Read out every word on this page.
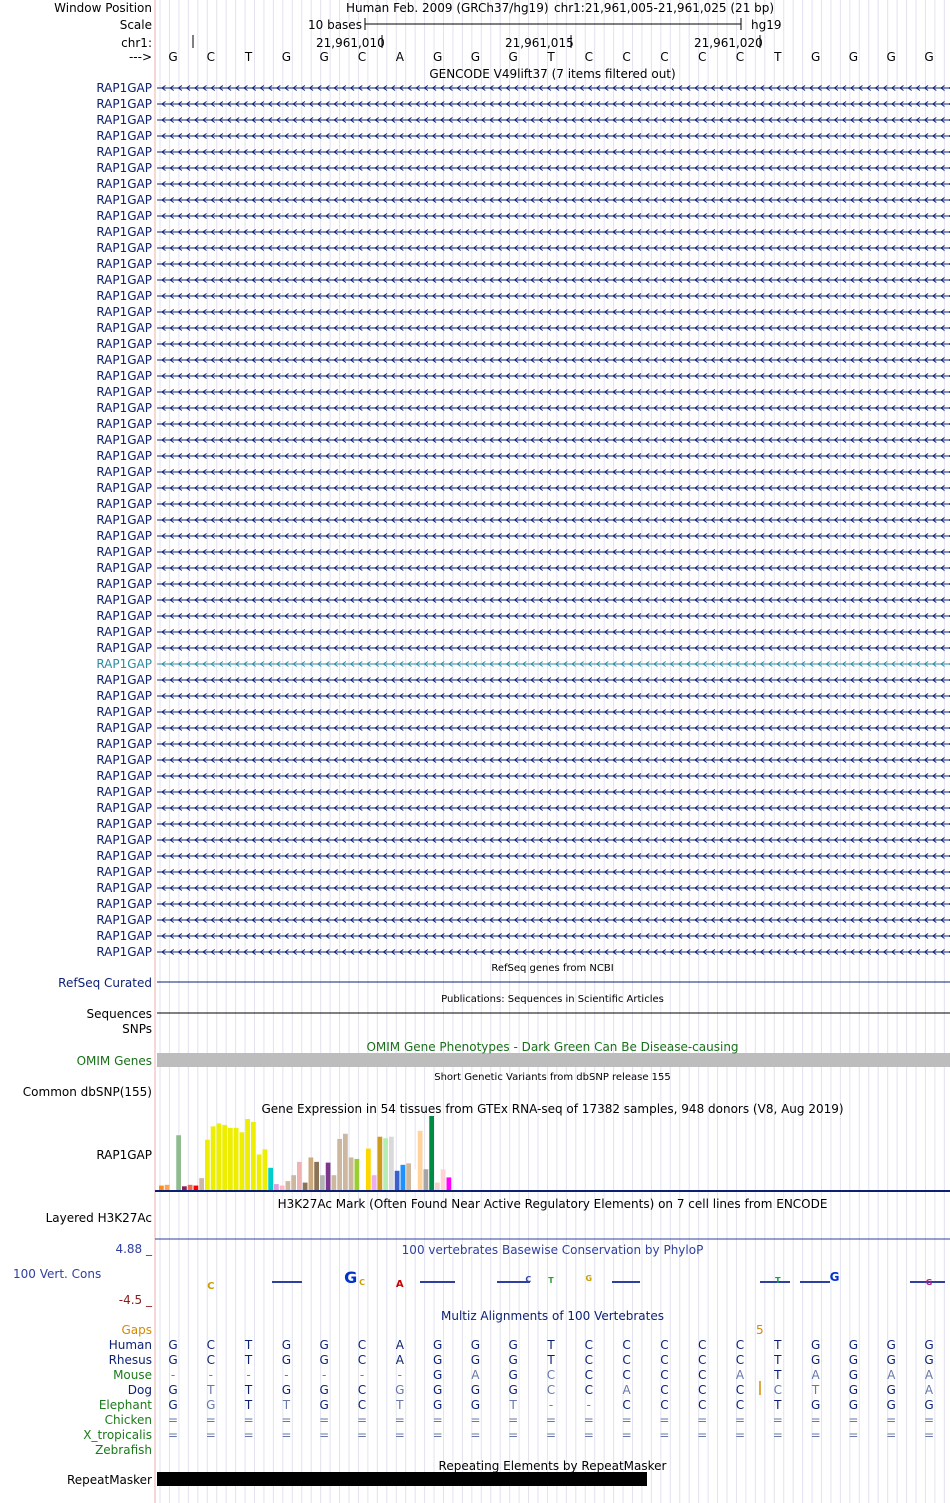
C	G C	A	C T	G	T	G	G
Window Position	Human Feb. 2009 (GRCh37/hg19) chr1:21,961,005-21,961,025 (21 bp)
Scale	10 bases	hg19
chr1:	21,961,010	21,961,015	21,961,020
--->
GENCODE V49lift37 (7 items filtered out)
RefSeq genes from NCBI
RefSeq Curated
Publications: Sequences in Scientific Articles
Sequences
SNPs
OMIM Gene Phenotypes - Dark Green Can Be Disease-causing
OMIM Genes
Short Genetic Variants from dbSNP release 155
Common dbSNP(155)
Gene Expression in 54 tissues from GTEx RNA-seq of 17382 samples, 948 donors (V8, Aug 2019)
RAP1GAP
H3K27Ac Mark (Often Found Near Active Regulatory Elements) on 7 cell lines from ENCODE
Layered H3K27Ac
100 vertebrates Basewise Conservation by PhyloP
4.88 _
100 Vert. Cons
-4.5 _
Multiz Alignments of 100 Vertebrates
Gaps	5
Repeating Elements by RepeatMasker
RepeatMasker
G	C	T	G	G	C	A	G	G	G	T	C	C	C	C	C	T	G	G	G	G
RAP1GAP
RAP1GAP
RAP1GAP
RAP1GAP
RAP1GAP
RAP1GAP
RAP1GAP
RAP1GAP
RAP1GAP
RAP1GAP
RAP1GAP
RAP1GAP
RAP1GAP
RAP1GAP
RAP1GAP
RAP1GAP
RAP1GAP
RAP1GAP
RAP1GAP
RAP1GAP
RAP1GAP
RAP1GAP
RAP1GAP
RAP1GAP
RAP1GAP
RAP1GAP
RAP1GAP
RAP1GAP
RAP1GAP
RAP1GAP
RAP1GAP
RAP1GAP
RAP1GAP
RAP1GAP
RAP1GAP
RAP1GAP
RAP1GAP
RAP1GAP
RAP1GAP
RAP1GAP
RAP1GAP
RAP1GAP
RAP1GAP
RAP1GAP
RAP1GAP
RAP1GAP
RAP1GAP
RAP1GAP
RAP1GAP
RAP1GAP
RAP1GAP
RAP1GAP
RAP1GAP
RAP1GAP
RAP1GAP
Human	G	C	T	G	G	C	A	G	G	G	T	C	C	C	C	C	T	G	G	G	G
Rhesus	G	C	T	G	G	C	A	G	G	G	T	C	C	C	C	C	T	G	G	G	G
Mouse	-	-	-	-	-	-	-	G	A	G	C	C	C	C	C	A	T	A	G	A	A
Dog	G	T	T	G	G	C	G	G	G	G	C	C	A	C	C	C	C	T	G	G	A
Elephant	G	G	T	T	G	C	T	G	G	T	-	-	C	C	C	C	T	G	G	G	G
Chicken	=	=	=	=	=	=	=	=	=	=	=	=	=	=	=	=	=	=	=	=	=
X_tropicalis	=	=	=	=	=	=	=	=	=	=	=	=	=	=	=	=	=	=	=	=	=
Zebrafish
